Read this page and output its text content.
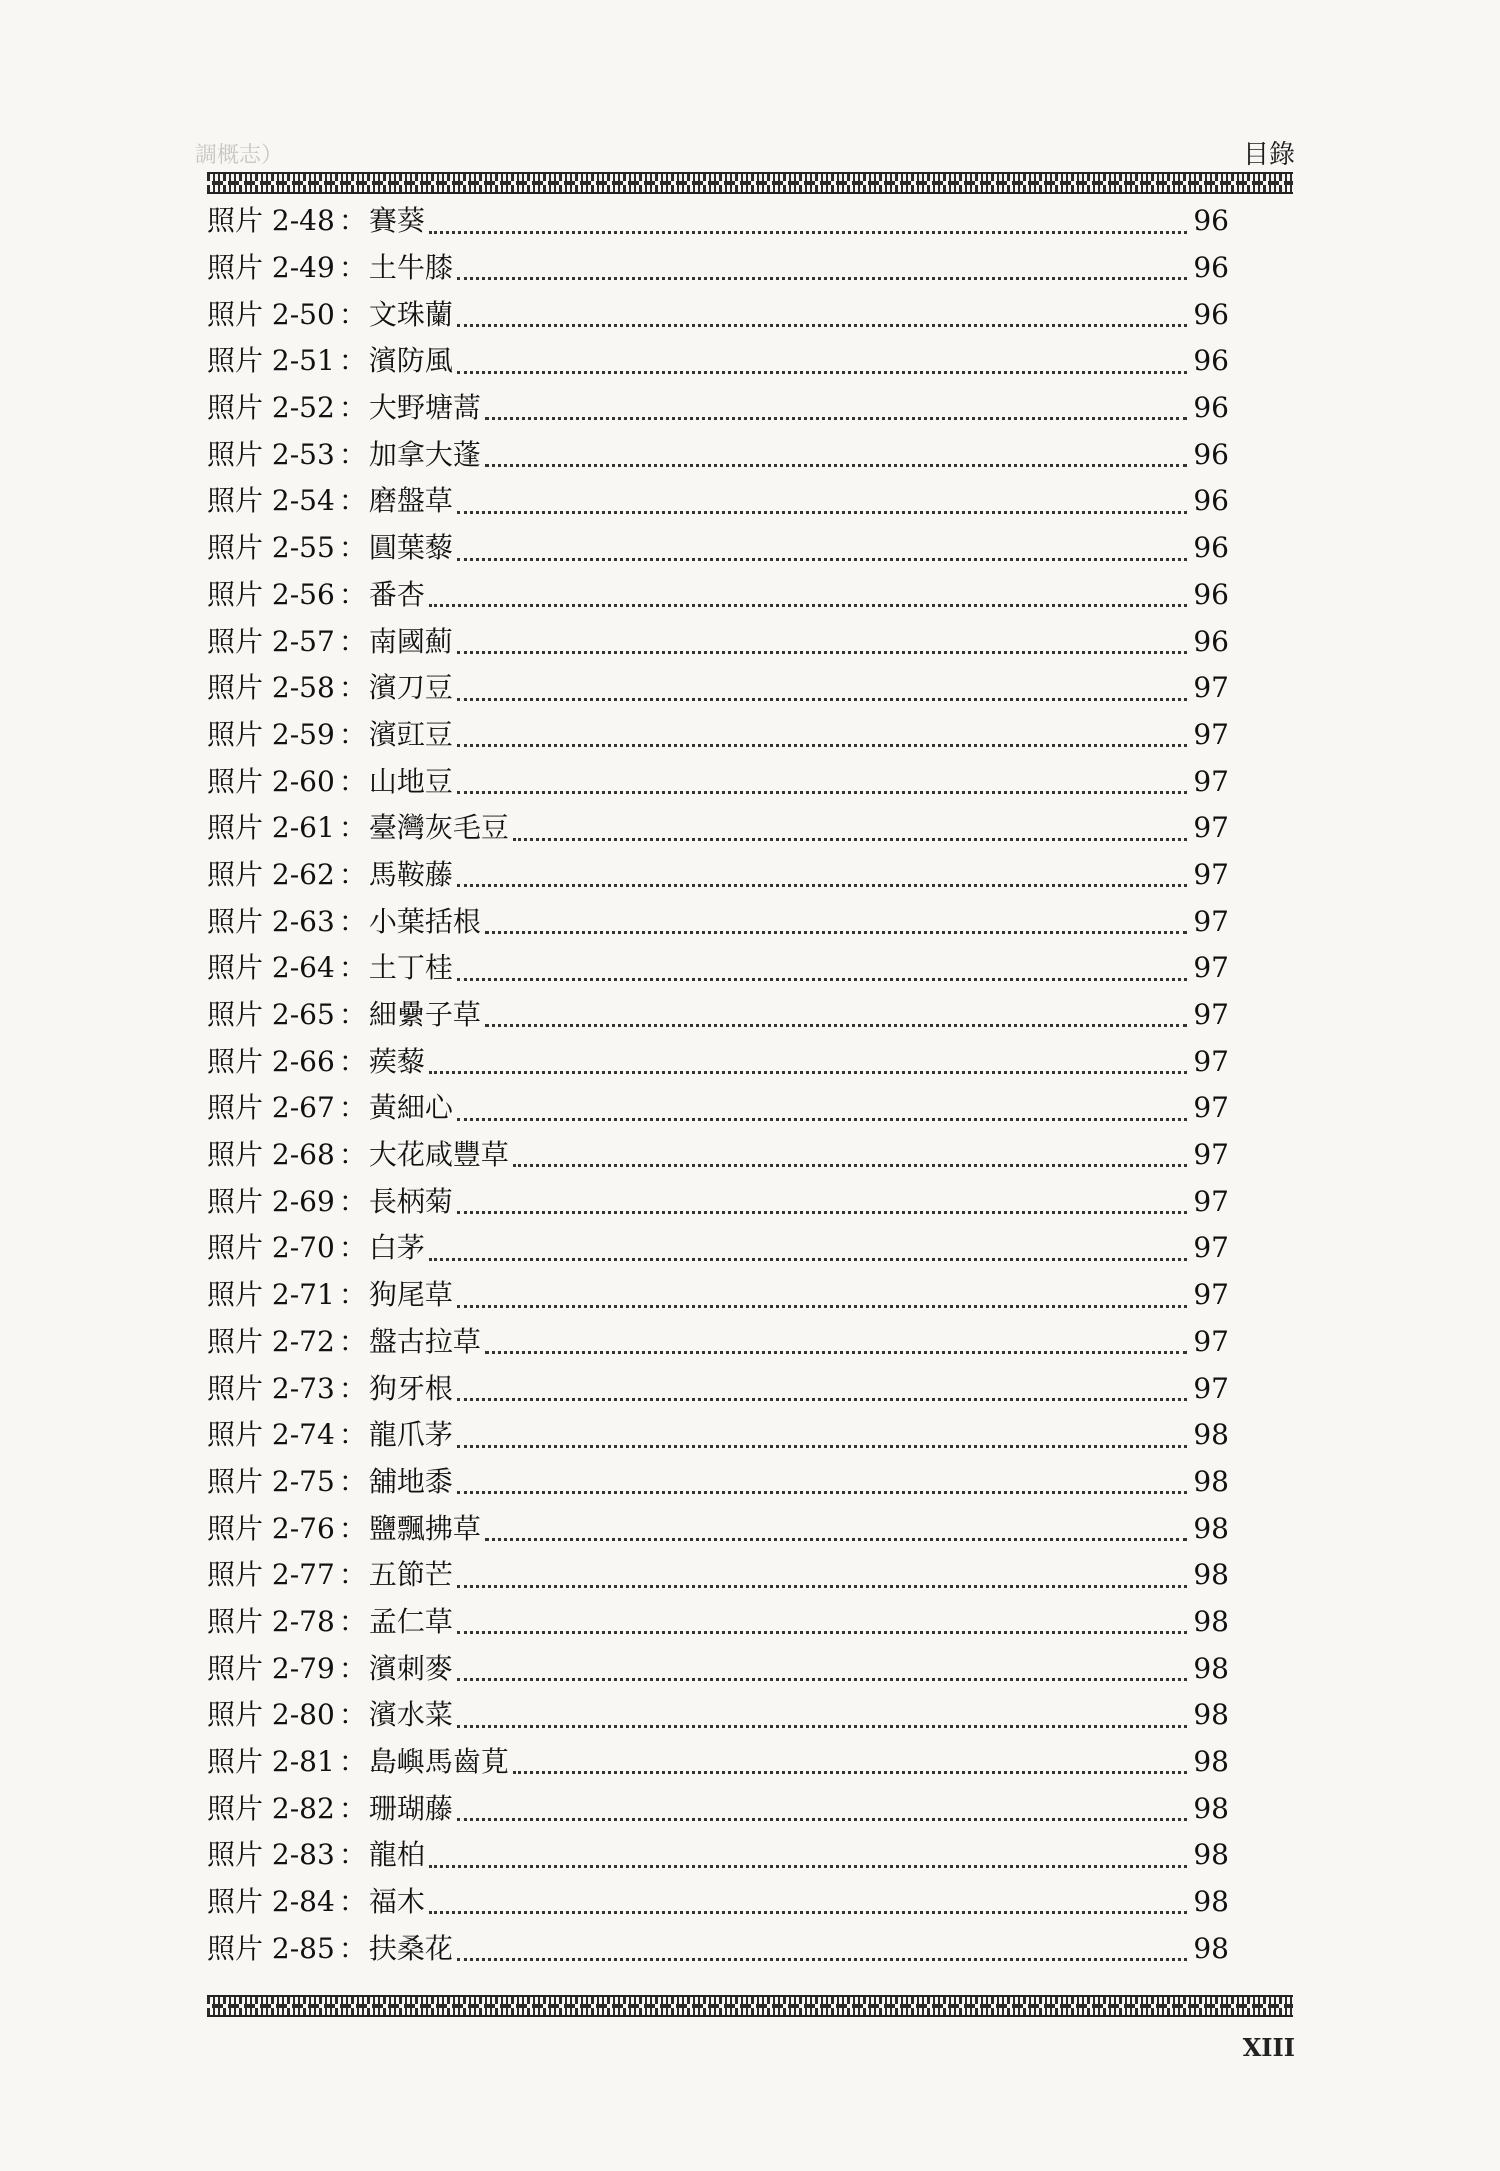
調概志）	目錄
照片 2-48 ： 賽葵	96
照片 2-49 ： 土牛膝	96
照片 2-50 ： 文珠蘭	96
照片 2-51 ： 濱防風	96
照片 2-52 ： 大野塘蒿	96
照片 2-53 ： 加拿大蓬	96
照片 2-54 ： 磨盤草	96
照片 2-55 ： 圓葉藜	96
照片 2-56 ： 番杏	96
照片 2-57 ： 南國薊	96
照片 2-58 ： 濱刀豆	97
照片 2-59 ： 濱豇豆	97
照片 2-60 ： 山地豆	97
照片 2-61 ： 臺灣灰毛豆	97
照片 2-62 ： 馬鞍藤	97
照片 2-63 ： 小葉括根	97
照片 2-64 ： 土丁桂	97
照片 2-65 ： 細纍子草	97
照片 2-66 ： 蒺藜	97
照片 2-67 ： 黃細心	97
照片 2-68 ： 大花咸豐草	97
照片 2-69 ： 長柄菊	97
照片 2-70 ： 白茅	97
照片 2-71 ： 狗尾草	97
照片 2-72 ： 盤古拉草	97
照片 2-73 ： 狗牙根	97
照片 2-74 ： 龍爪茅	98
照片 2-75 ： 舖地黍	98
照片 2-76 ： 鹽飄拂草	98
照片 2-77 ： 五節芒	98
照片 2-78 ： 孟仁草	98
照片 2-79 ： 濱刺麥	98
照片 2-80 ： 濱水菜	98
照片 2-81 ： 島嶼馬齒莧	98
照片 2-82 ： 珊瑚藤	98
照片 2-83 ： 龍柏	98
照片 2-84 ： 福木	98
照片 2-85 ： 扶桑花	98
XIII
